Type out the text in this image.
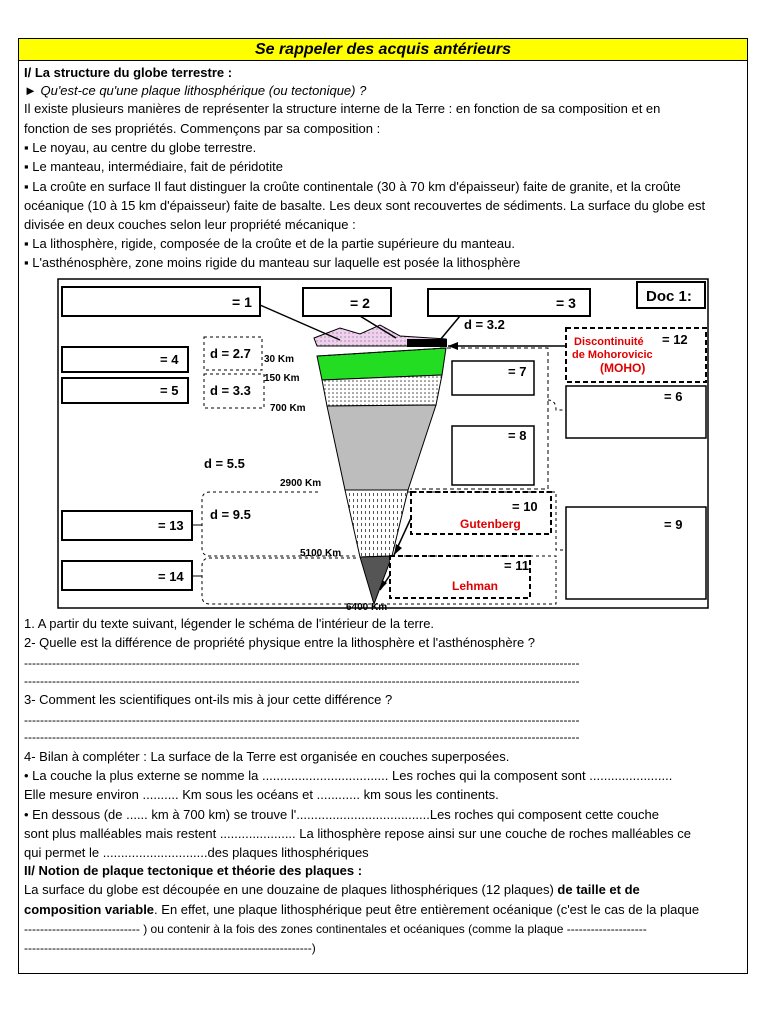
Se rappeler des acquis antérieurs
I/ La structure du globe terrestre :
► Qu'est-ce qu'une plaque lithosphérique (ou tectonique) ?
Il existe plusieurs manières de représenter la structure interne de la Terre : en fonction de sa composition et en
fonction de ses propriétés. Commençons par sa composition :
▪ Le noyau, au centre du globe terrestre.
▪ Le manteau, intermédiaire, fait de péridotite
▪ La croûte en surface Il faut distinguer la croûte continentale (30 à 70 km d'épaisseur) faite de granite, et la croûte
océanique (10 à 15 km d'épaisseur) faite de basalte. Les deux sont recouvertes de sédiments. La surface du globe est
divisée en deux couches selon leur propriété mécanique :
▪ La lithosphère, rigide, composée de la croûte et de la partie supérieure du manteau.
▪ L'asthénosphère, zone moins rigide du manteau sur laquelle est posée la lithosphère
= 1	= 2	= 3	Doc 1:
d = 3.2
= 4
= 5
d = 2.7
d = 3.3
30 Km
150 Km
700 Km
d = 5.5
2900 Km
d = 9.5
= 13
= 14
5100 Km
6400 Km
= 7
= 8
= 12
Discontinuité
de Mohorovicic
(MOHO)
= 6
= 10
Gutenberg	= 9
= 11
Lehman
1. A partir du texte suivant, légender le schéma de l'intérieur de la terre.
2- Quelle est la différence de propriété physique entre la lithosphère et l'asthénosphère ?
-------------------------------------------------------------------------------------------------------------------------------------------
-------------------------------------------------------------------------------------------------------------------------------------------
3- Comment les scientifiques ont-ils mis à jour cette différence ?
-------------------------------------------------------------------------------------------------------------------------------------------
-------------------------------------------------------------------------------------------------------------------------------------------
4- Bilan à compléter : La surface de la Terre est organisée en couches superposées.
• La couche la plus externe se nomme la ................................... Les roches qui la composent sont .......................
Elle mesure environ .......... Km sous les océans et ............ km sous les continents.
• En dessous (de ...... km à 700 km) se trouve l'.....................................Les roches qui composent cette couche
sont plus malléables mais restent ..................... La lithosphère repose ainsi sur une couche de roches malléables ce
qui permet le .............................des plaques lithosphériques
II/ Notion de plaque tectonique et théorie des plaques :
La surface du globe est découpée en une douzaine de plaques lithosphériques (12 plaques) de taille et de
composition variable. En effet, une plaque lithosphérique peut être entièrement océanique (c'est le cas de la plaque
----------------------------- ) ou contenir à la fois des zones continentales et océaniques (comme la plaque --------------------
------------------------------------------------------------------------)
